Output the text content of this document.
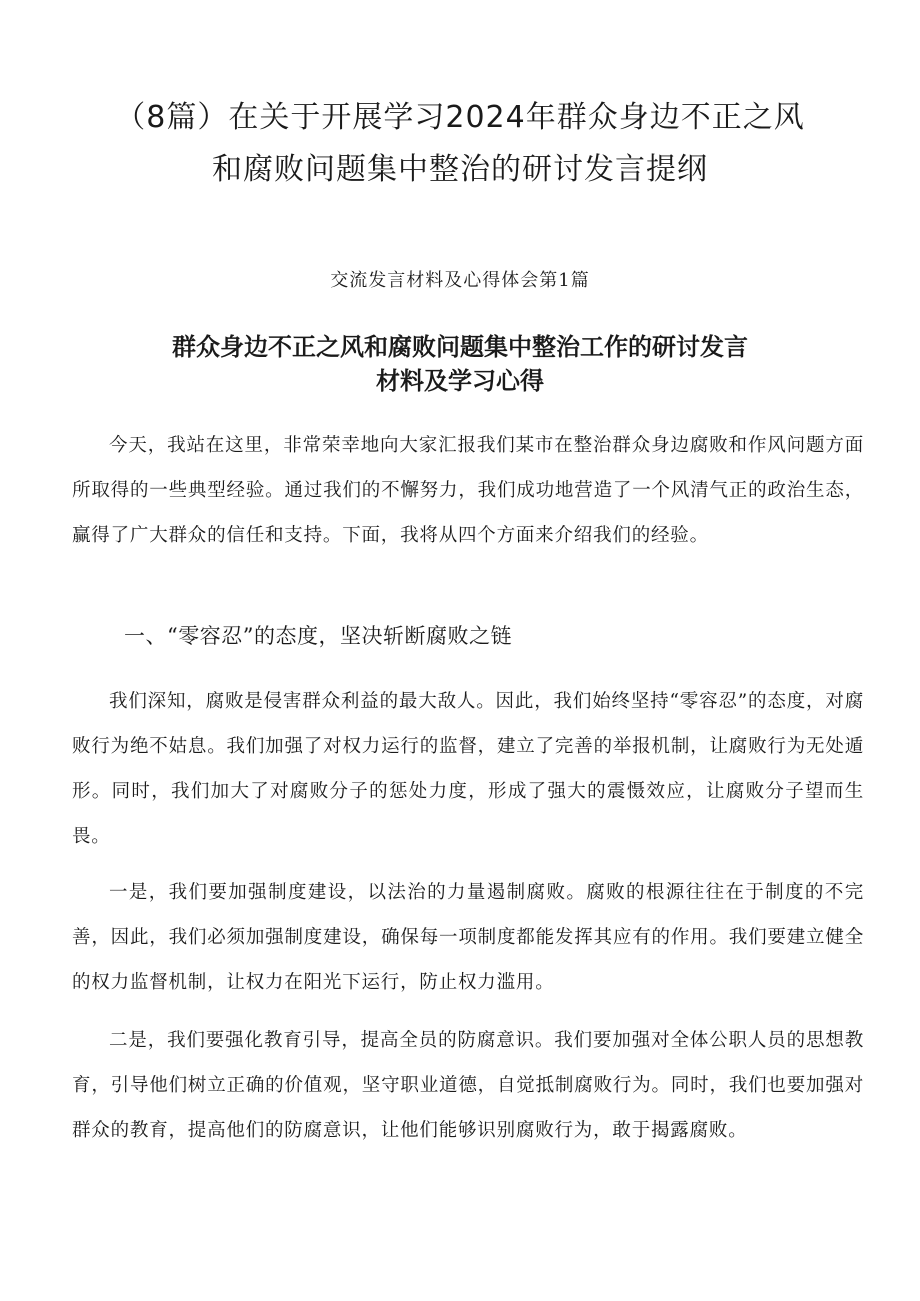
（8篇）在关于开展学习2024年群众身边不正之风
和腐败问题集中整治的研讨发言提纲
交流发言材料及心得体会第1篇
群众身边不正之风和腐败问题集中整治工作的研讨发言
材料及学习心得

今天，我站在这里，非常荣幸地向大家汇报我们某市在整治群众身边腐败和作风问题方面所取得的一些典型经验。通过我们的不懈努力，我们成功地营造了一个风清气正的政治生态，赢得了广大群众的信任和支持。下面，我将从四个方面来介绍我们的经验。

一、“零容忍”的态度，坚决斩断腐败之链

我们深知，腐败是侵害群众利益的最大敌人。因此，我们始终坚持“零容忍”的态度，对腐败行为绝不姑息。我们加强了对权力运行的监督，建立了完善的举报机制，让腐败行为无处遁形。同时，我们加大了对腐败分子的惩处力度，形成了强大的震慑效应，让腐败分子望而生畏。

一是，我们要加强制度建设，以法治的力量遏制腐败。腐败的根源往往在于制度的不完善，因此，我们必须加强制度建设，确保每一项制度都能发挥其应有的作用。我们要建立健全的权力监督机制，让权力在阳光下运行，防止权力滥用。

二是，我们要强化教育引导，提高全员的防腐意识。我们要加强对全体公职人员的思想教育，引导他们树立正确的价值观，坚守职业道德，自觉抵制腐败行为。同时，我们也要加强对群众的教育，提高他们的防腐意识，让他们能够识别腐败行为，敢于揭露腐败。
